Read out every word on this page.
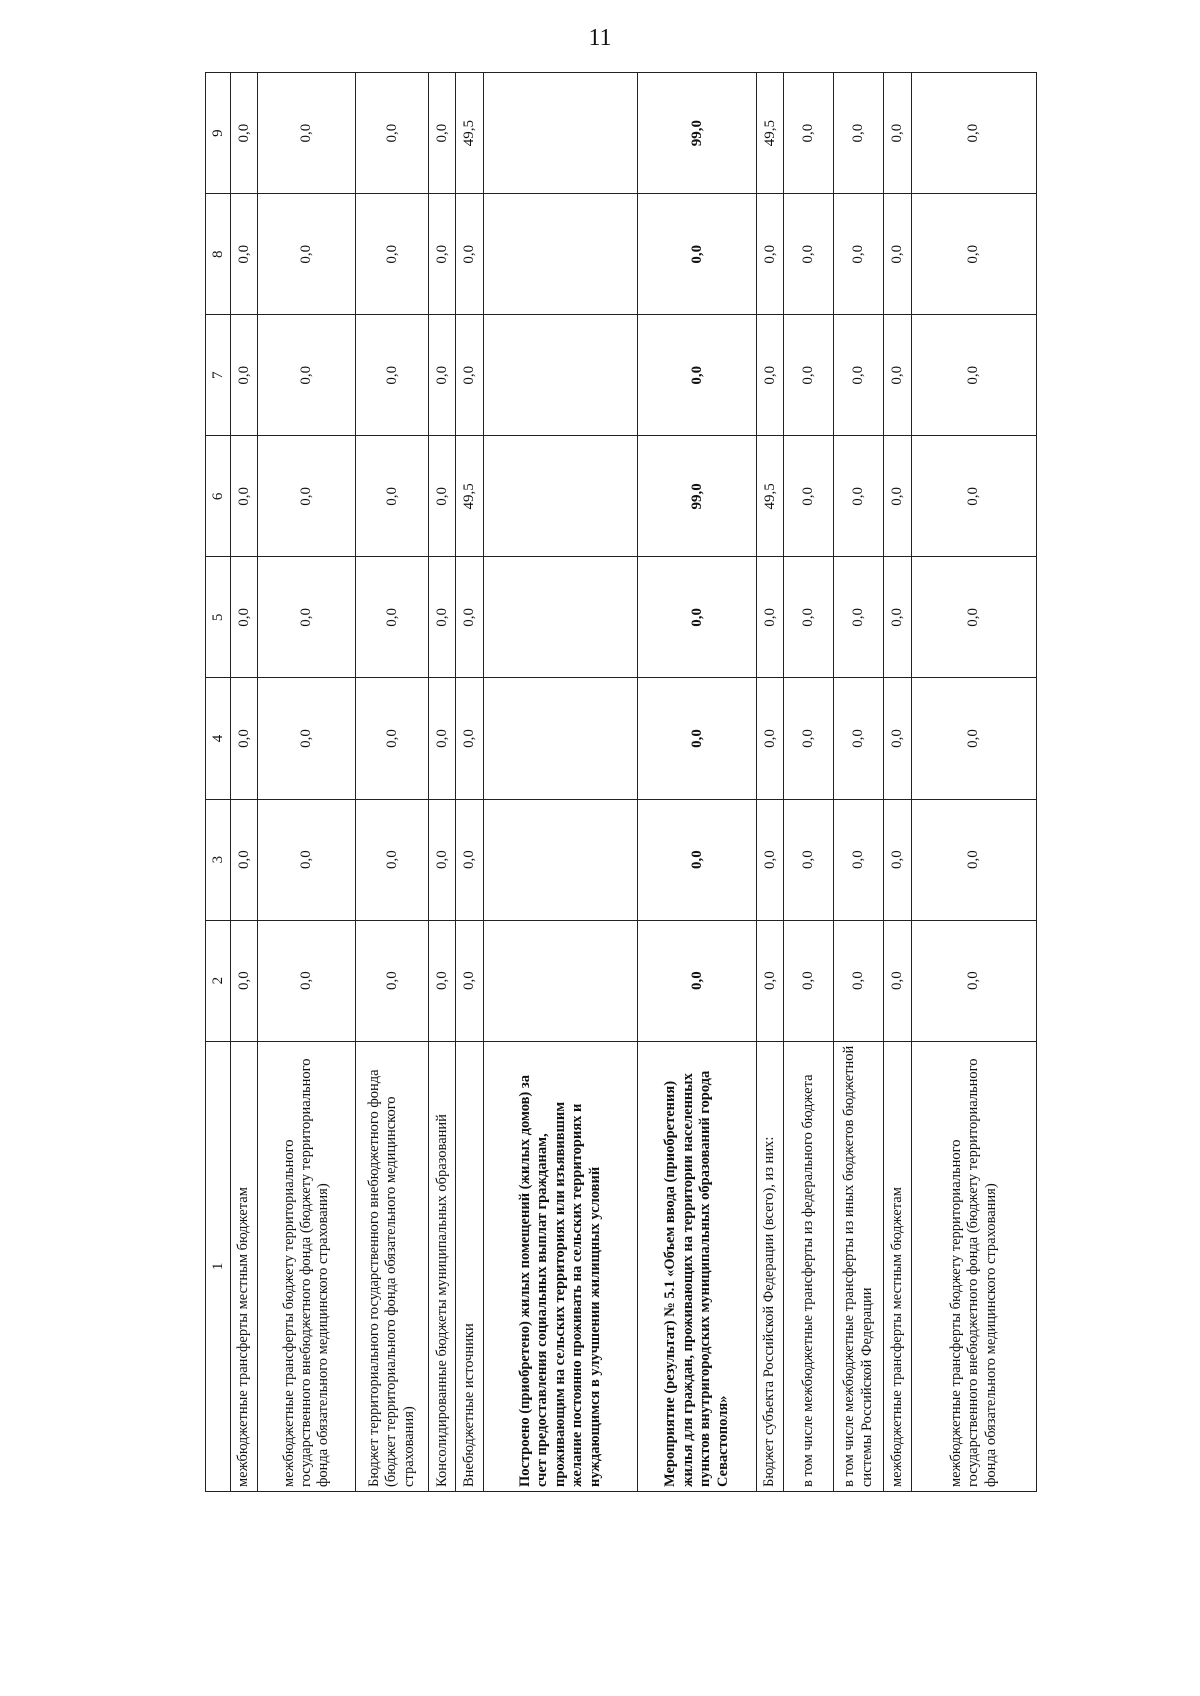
11
1	2	3	4	5	6	7	8	9
межбюджетные трансферты местным бюджетам	0,0	0,0	0,0	0,0	0,0	0,0	0,0	0,0
межбюджетные трансферты бюджету территориального государственного внебюджетного фонда (бюджету территориального фонда обязательного медицинского страхования)	0,0	0,0	0,0	0,0	0,0	0,0	0,0	0,0
Бюджет территориального государственного внебюджетного фонда (бюджет территориального фонда обязательного медицинского страхования)	0,0	0,0	0,0	0,0	0,0	0,0	0,0	0,0
Консолидированные бюджеты муниципальных образований	0,0	0,0	0,0	0,0	0,0	0,0	0,0	0,0
Внебюджетные источники	0,0	0,0	0,0	0,0	49,5	0,0	0,0	49,5
Построено (приобретено) жилых помещений (жилых домов) за счет предоставления социальных выплат гражданам, проживающим на сельских территориях или изъявившим желание постоянно проживать на сельских территориях и нуждающимся в улучшении жилищных условий								
Мероприятие (результат) № 5.1 «Объем ввода (приобретения) жилья для граждан, проживающих на территории населенных пунктов внутригородских муниципальных образований города Севастополя»	0,0	0,0	0,0	0,0	99,0	0,0	0,0	99,0
Бюджет субъекта Российской Федерации (всего), из них:	0,0	0,0	0,0	0,0	49,5	0,0	0,0	49,5
в том числе межбюджетные трансферты из федерального бюджета	0,0	0,0	0,0	0,0	0,0	0,0	0,0	0,0
в том числе межбюджетные трансферты из иных бюджетов бюджетной системы Российской Федерации	0,0	0,0	0,0	0,0	0,0	0,0	0,0	0,0
межбюджетные трансферты местным бюджетам	0,0	0,0	0,0	0,0	0,0	0,0	0,0	0,0
межбюджетные трансферты бюджету территориального государственного внебюджетного фонда (бюджету территориального фонда обязательного медицинского страхования)	0,0	0,0	0,0	0,0	0,0	0,0	0,0	0,0
